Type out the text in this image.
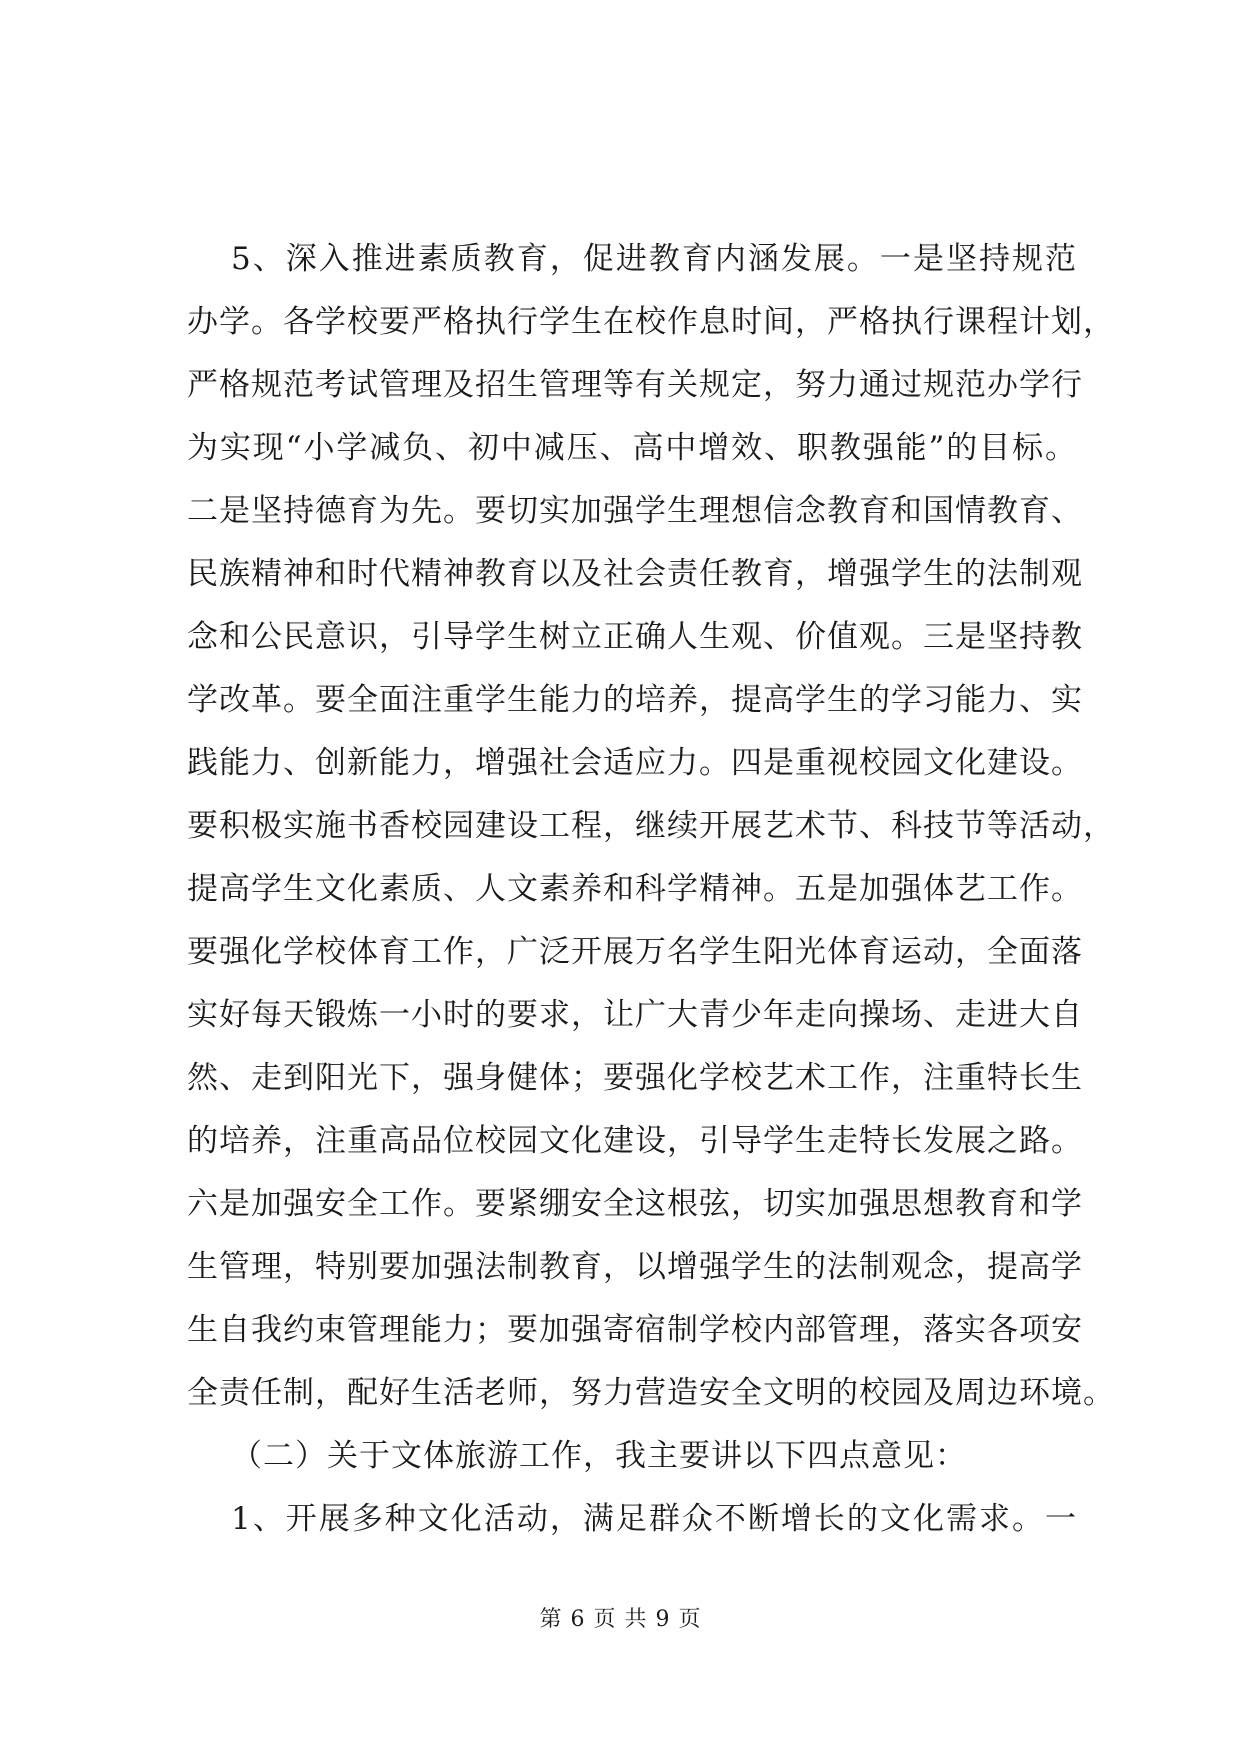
5、深入推进素质教育，促进教育内涵发展。一是坚持规范
办学。各学校要严格执行学生在校作息时间，严格执行课程计划，
严格规范考试管理及招生管理等有关规定，努力通过规范办学行
为实现“小学减负、初中减压、高中增效、职教强能”的目标。
二是坚持德育为先。要切实加强学生理想信念教育和国情教育、
民族精神和时代精神教育以及社会责任教育，增强学生的法制观
念和公民意识，引导学生树立正确人生观、价值观。三是坚持教
学改革。要全面注重学生能力的培养，提高学生的学习能力、实
践能力、创新能力，增强社会适应力。四是重视校园文化建设。
要积极实施书香校园建设工程，继续开展艺术节、科技节等活动，
提高学生文化素质、人文素养和科学精神。五是加强体艺工作。
要强化学校体育工作，广泛开展万名学生阳光体育运动，全面落
实好每天锻炼一小时的要求，让广大青少年走向操场、走进大自
然、走到阳光下，强身健体；要强化学校艺术工作，注重特长生
的培养，注重高品位校园文化建设，引导学生走特长发展之路。
六是加强安全工作。要紧绷安全这根弦，切实加强思想教育和学
生管理，特别要加强法制教育，以增强学生的法制观念，提高学
生自我约束管理能力；要加强寄宿制学校内部管理，落实各项安
全责任制，配好生活老师，努力营造安全文明的校园及周边环境。
（二）关于文体旅游工作，我主要讲以下四点意见：
1、开展多种文化活动，满足群众不断增长的文化需求。一
第 6 页 共 9 页
